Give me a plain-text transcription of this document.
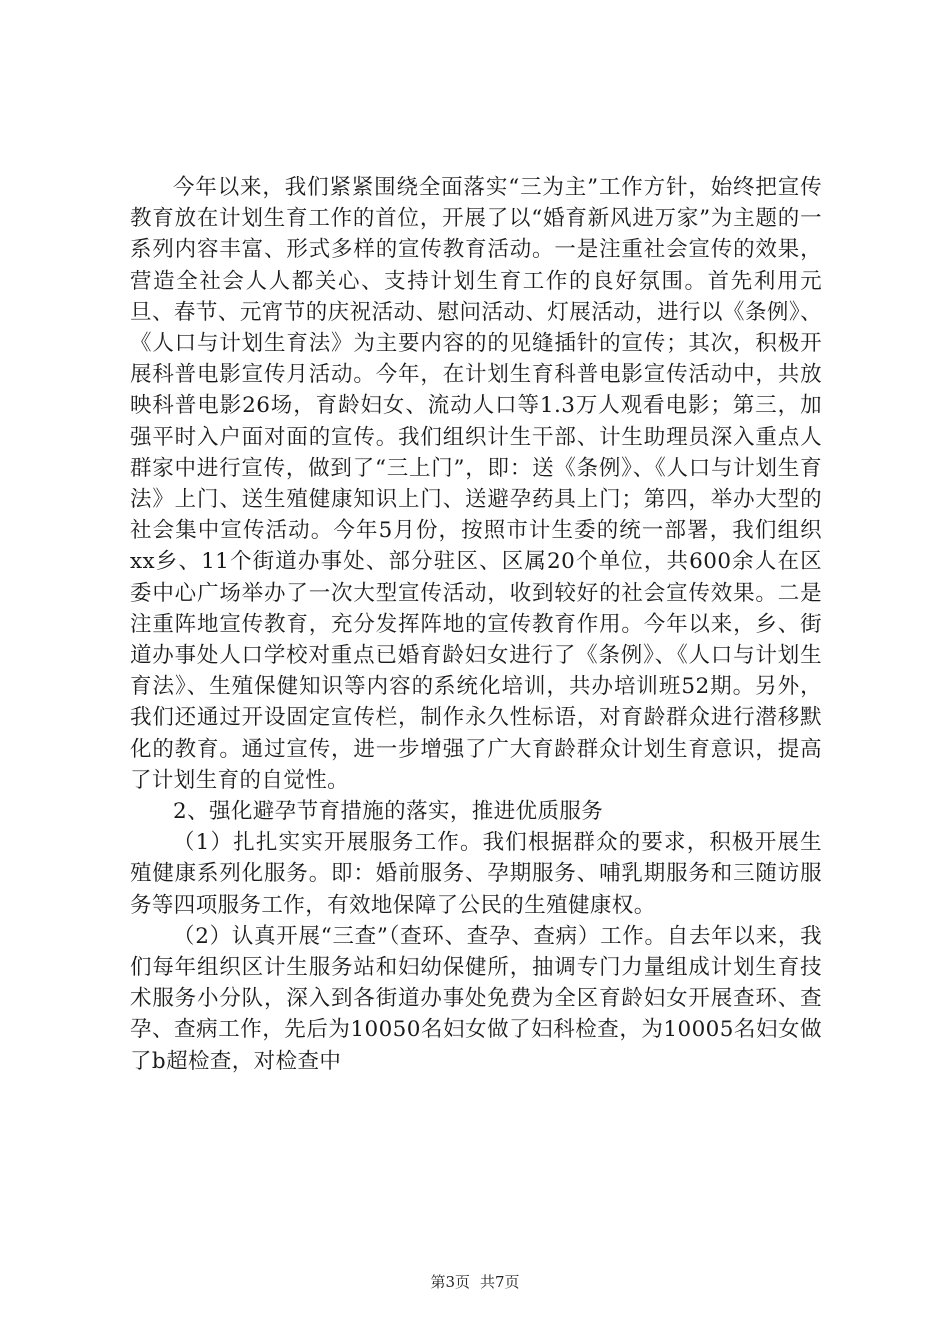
今年以来，我们紧紧围绕全面落实“三为主”工作方针，始终把宣传教育放在计划生育工作的首位，开展了以“婚育新风进万家”为主题的一系列内容丰富、形式多样的宣传教育活动。一是注重社会宣传的效果，营造全社会人人都关心、支持计划生育工作的良好氛围。首先利用元旦、春节、元宵节的庆祝活动、慰问活动、灯展活动，进行以《条例》、《人口与计划生育法》为主要内容的的见缝插针的宣传；其次，积极开展科普电影宣传月活动。今年，在计划生育科普电影宣传活动中，共放映科普电影26场，育龄妇女、流动人口等1.3万人观看电影；第三，加强平时入户面对面的宣传。我们组织计生干部、计生助理员深入重点人群家中进行宣传，做到了“三上门”，即：送《条例》、《人口与计划生育法》上门、送生殖健康知识上门、送避孕药具上门；第四，举办大型的社会集中宣传活动。今年5月份，按照市计生委的统一部署，我们组织xx乡、11个街道办事处、部分驻区、区属20个单位，共600余人在区委中心广场举办了一次大型宣传活动，收到较好的社会宣传效果。二是注重阵地宣传教育，充分发挥阵地的宣传教育作用。今年以来，乡、街道办事处人口学校对重点已婚育龄妇女进行了《条例》、《人口与计划生育法》、生殖保健知识等内容的系统化培训，共办培训班52期。另外，我们还通过开设固定宣传栏，制作永久性标语，对育龄群众进行潜移默化的教育。通过宣传，进一步增强了广大育龄群众计划生育意识，提高了计划生育的自觉性。

2、强化避孕节育措施的落实，推进优质服务

（1）扎扎实实开展服务工作。我们根据群众的要求，积极开展生殖健康系列化服务。即：婚前服务、孕期服务、哺乳期服务和三随访服务等四项服务工作，有效地保障了公民的生殖健康权。

（2）认真开展“三查”（查环、查孕、查病）工作。自去年以来，我们每年组织区计生服务站和妇幼保健所，抽调专门力量组成计划生育技术服务小分队，深入到各街道办事处免费为全区育龄妇女开展查环、查孕、查病工作，先后为10050名妇女做了妇科检查，为10005名妇女做了b超检查，对检查中

第3页 共7页
